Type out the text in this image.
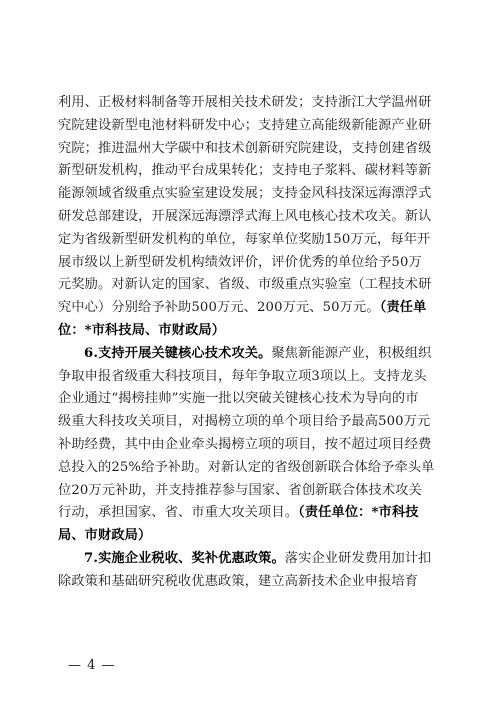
利用、正极材料制备等开展相关技术研发；支持浙江大学温州研
究院建设新型电池材料研发中心；支持建立高能级新能源产业研
究院；推进温州大学碳中和技术创新研究院建设，支持创建省级
新型研发机构，推动平台成果转化；支持电子浆料、碳材料等新
能源领域省级重点实验室建设发展；支持金风科技深远海漂浮式
研发总部建设，开展深远海漂浮式海上风电核心技术攻关。新认
定为省级新型研发机构的单位，每家单位奖励150万元，每年开
展市级以上新型研发机构绩效评价，评价优秀的单位给予50万
元奖励。对新认定的国家、省级、市级重点实验室（工程技术研
究中心）分别给予补助500万元、200万元、50万元。（责任单
位：*市科技局、市财政局）
6.支持开展关键核心技术攻关。聚焦新能源产业，积极组织
争取申报省级重大科技项目，每年争取立项3项以上。支持龙头
企业通过“揭榜挂帅”实施一批以突破关键核心技术为导向的市
级重大科技攻关项目，对揭榜立项的单个项目给予最高500万元
补助经费，其中由企业牵头揭榜立项的项目，按不超过项目经费
总投入的25%给予补助。对新认定的省级创新联合体给予牵头单
位20万元补助，并支持推荐参与国家、省创新联合体技术攻关
行动，承担国家、省、市重大攻关项目。（责任单位：*市科技
局、市财政局）
7.实施企业税收、奖补优惠政策。落实企业研发费用加计扣
除政策和基础研究税收优惠政策，建立高新技术企业申报培育
— 4 —
